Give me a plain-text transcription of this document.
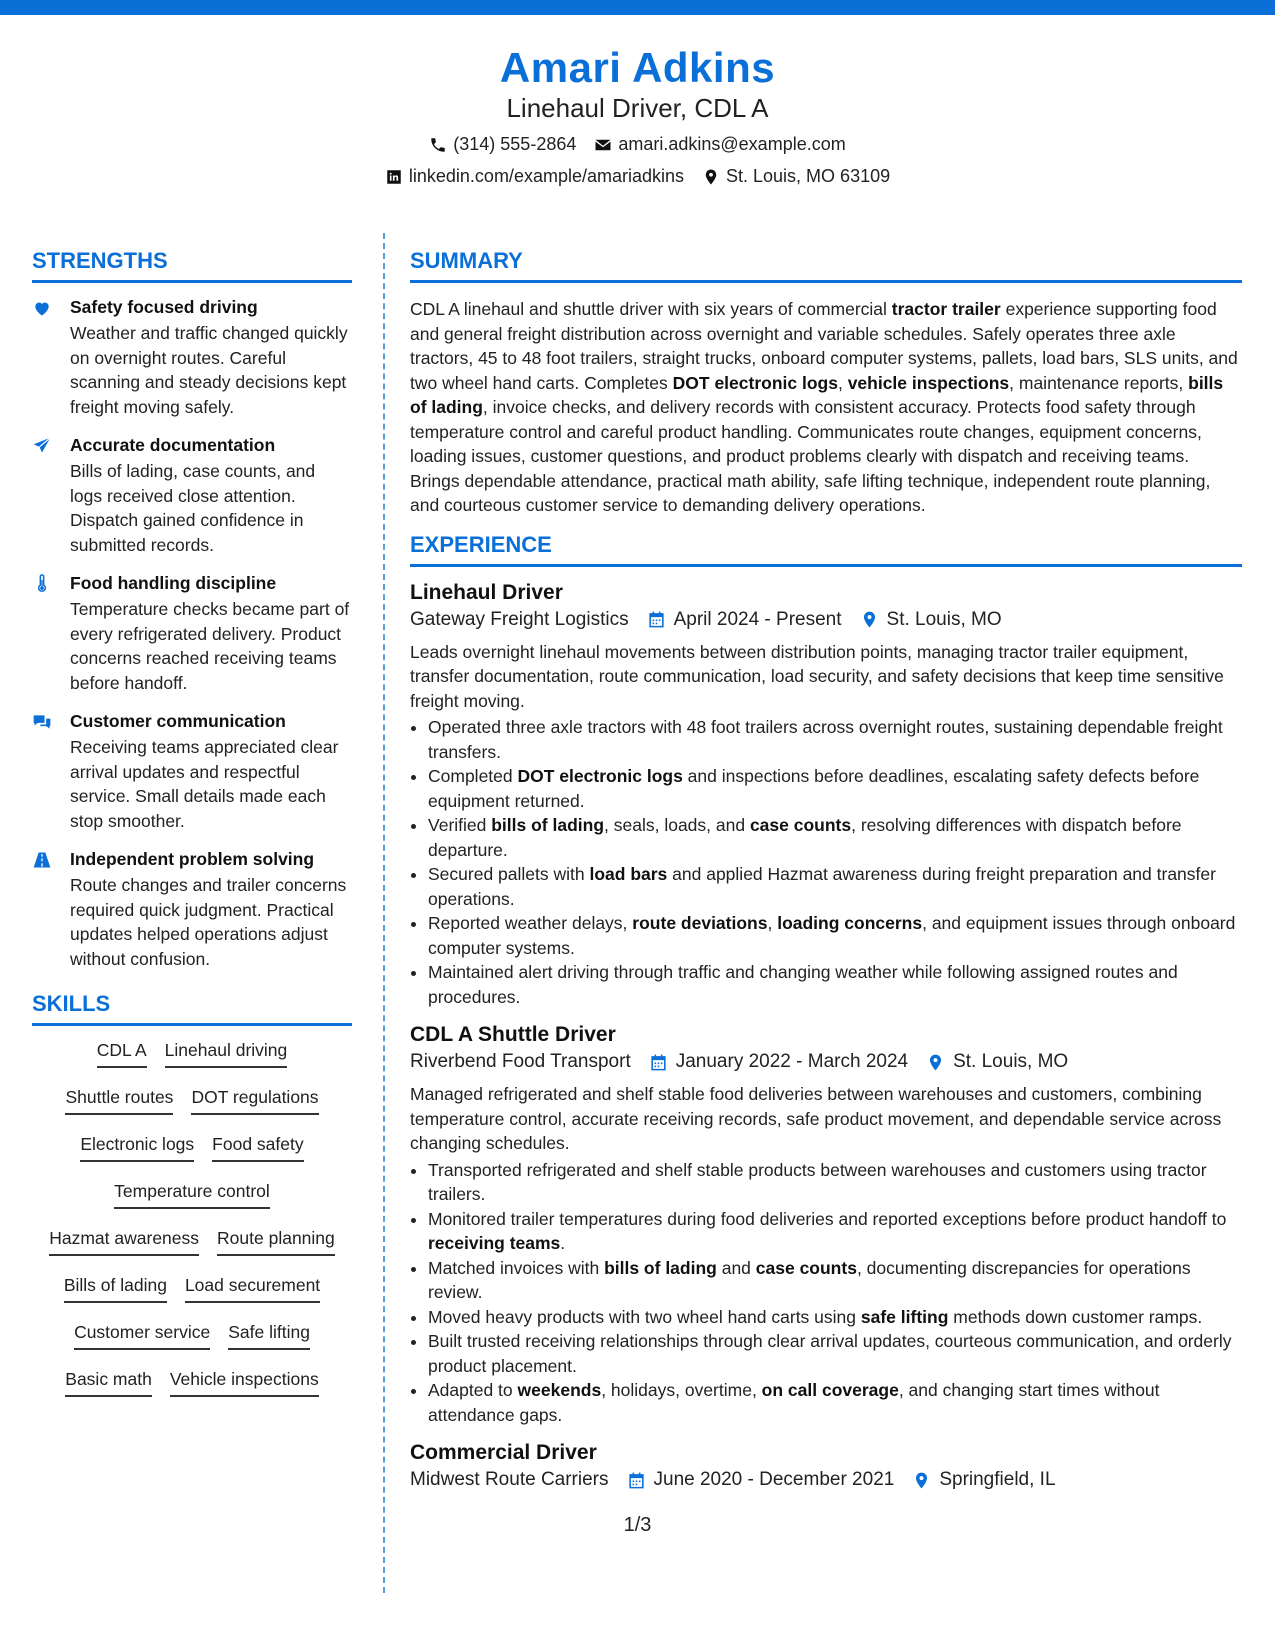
Amari Adkins
Linehaul Driver, CDL A
(314) 555-2864 amari.adkins@example.com
linkedin.com/example/amariadkins St. Louis, MO 63109
STRENGTHS
Safety focused driving
Weather and traffic changed quickly on overnight routes. Careful scanning and steady decisions kept freight moving safely.
Accurate documentation
Bills of lading, case counts, and logs received close attention. Dispatch gained confidence in submitted records.
Food handling discipline
Temperature checks became part of every refrigerated delivery. Product concerns reached receiving teams before handoff.
Customer communication
Receiving teams appreciated clear arrival updates and respectful service. Small details made each stop smoother.
Independent problem solving
Route changes and trailer concerns required quick judgment. Practical updates helped operations adjust without confusion.
SKILLS
CDL A Linehaul driving
Shuttle routes DOT regulations
Electronic logs Food safety
Temperature control
Hazmat awareness Route planning
Bills of lading Load securement
Customer service Safe lifting
Basic math Vehicle inspections
SUMMARY
CDL A linehaul and shuttle driver with six years of commercial tractor trailer experience supporting food and general freight distribution across overnight and variable schedules. Safely operates three axle tractors, 45 to 48 foot trailers, straight trucks, onboard computer systems, pallets, load bars, SLS units, and two wheel hand carts. Completes DOT electronic logs, vehicle inspections, maintenance reports, bills of lading, invoice checks, and delivery records with consistent accuracy. Protects food safety through temperature control and careful product handling. Communicates route changes, equipment concerns, loading issues, customer questions, and product problems clearly with dispatch and receiving teams. Brings dependable attendance, practical math ability, safe lifting technique, independent route planning, and courteous customer service to demanding delivery operations.
EXPERIENCE
Linehaul Driver
Gateway Freight Logistics April 2024 - Present St. Louis, MO
Leads overnight linehaul movements between distribution points, managing tractor trailer equipment, transfer documentation, route communication, load security, and safety decisions that keep time sensitive freight moving.
• Operated three axle tractors with 48 foot trailers across overnight routes, sustaining dependable freight transfers.
• Completed DOT electronic logs and inspections before deadlines, escalating safety defects before equipment returned.
• Verified bills of lading, seals, loads, and case counts, resolving differences with dispatch before departure.
• Secured pallets with load bars and applied Hazmat awareness during freight preparation and transfer operations.
• Reported weather delays, route deviations, loading concerns, and equipment issues through onboard computer systems.
• Maintained alert driving through traffic and changing weather while following assigned routes and procedures.
CDL A Shuttle Driver
Riverbend Food Transport January 2022 - March 2024 St. Louis, MO
Managed refrigerated and shelf stable food deliveries between warehouses and customers, combining temperature control, accurate receiving records, safe product movement, and dependable service across changing schedules.
• Transported refrigerated and shelf stable products between warehouses and customers using tractor trailers.
• Monitored trailer temperatures during food deliveries and reported exceptions before product handoff to receiving teams.
• Matched invoices with bills of lading and case counts, documenting discrepancies for operations review.
• Moved heavy products with two wheel hand carts using safe lifting methods down customer ramps.
• Built trusted receiving relationships through clear arrival updates, courteous communication, and orderly product placement.
• Adapted to weekends, holidays, overtime, on call coverage, and changing start times without attendance gaps.
Commercial Driver
Midwest Route Carriers June 2020 - December 2021 Springfield, IL
1/3
